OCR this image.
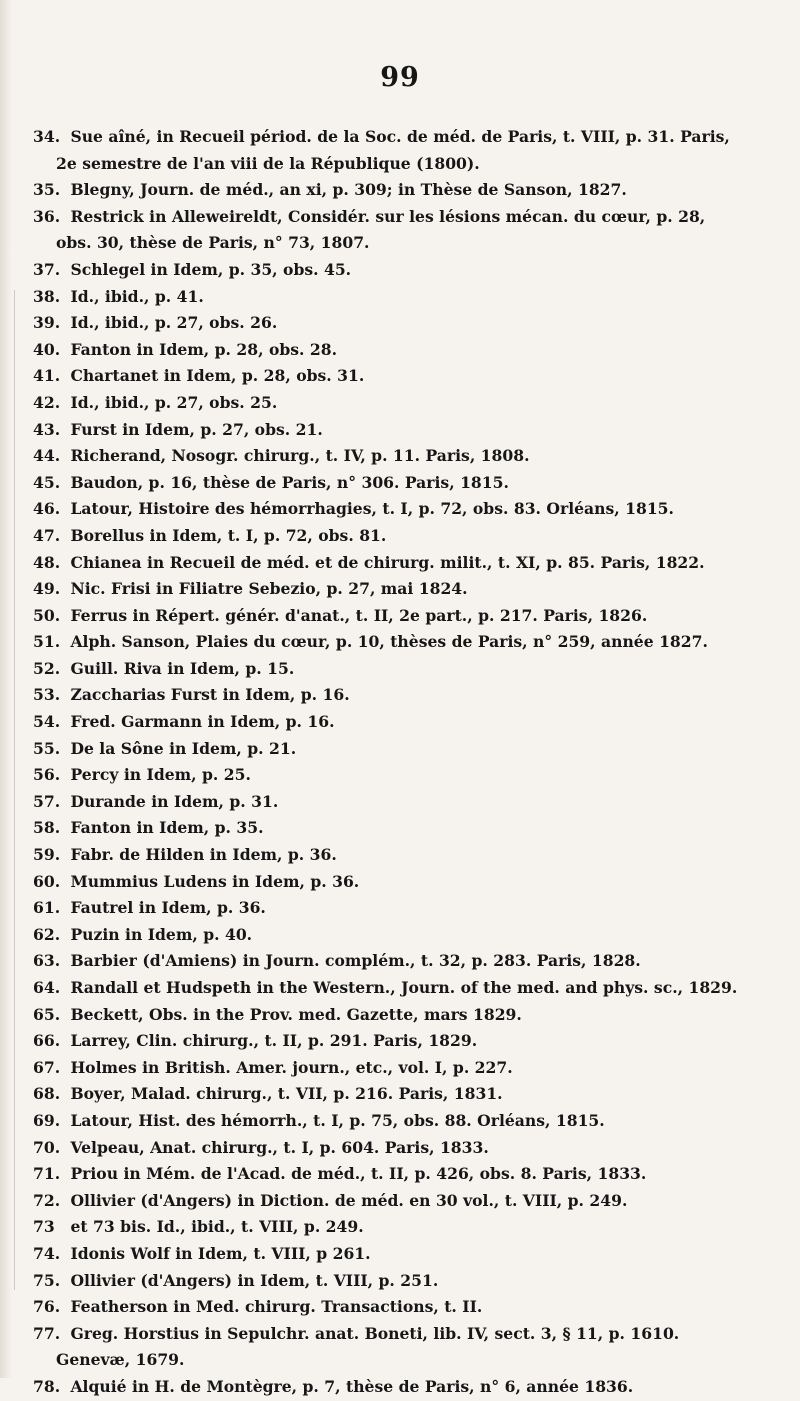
99
34. Sue aîné, in Recueil périod. de la Soc. de méd. de Paris, t. VIII, p. 31. Paris,
2e semestre de l'an viii de la République (1800).
35. Blegny, Journ. de méd., an xi, p. 309; in Thèse de Sanson, 1827.
36. Restrick in Alleweireldt, Considér. sur les lésions mécan. du cœur, p. 28,
obs. 30, thèse de Paris, n° 73, 1807.
37. Schlegel in Idem, p. 35, obs. 45.
38. Id., ibid., p. 41.
39. Id., ibid., p. 27, obs. 26.
40. Fanton in Idem, p. 28, obs. 28.
41. Chartanet in Idem, p. 28, obs. 31.
42. Id., ibid., p. 27, obs. 25.
43. Furst in Idem, p. 27, obs. 21.
44. Richerand, Nosogr. chirurg., t. IV, p. 11. Paris, 1808.
45. Baudon, p. 16, thèse de Paris, n° 306. Paris, 1815.
46. Latour, Histoire des hémorrhagies, t. I, p. 72, obs. 83. Orléans, 1815.
47. Borellus in Idem, t. I, p. 72, obs. 81.
48. Chianea in Recueil de méd. et de chirurg. milit., t. XI, p. 85. Paris, 1822.
49. Nic. Frisi in Filiatre Sebezio, p. 27, mai 1824.
50. Ferrus in Répert. génér. d'anat., t. II, 2e part., p. 217. Paris, 1826.
51. Alph. Sanson, Plaies du cœur, p. 10, thèses de Paris, n° 259, année 1827.
52. Guill. Riva in Idem, p. 15.
53. Zaccharias Furst in Idem, p. 16.
54. Fred. Garmann in Idem, p. 16.
55. De la Sône in Idem, p. 21.
56. Percy in Idem, p. 25.
57. Durande in Idem, p. 31.
58. Fanton in Idem, p. 35.
59. Fabr. de Hilden in Idem, p. 36.
60. Mummius Ludens in Idem, p. 36.
61. Fautrel in Idem, p. 36.
62. Puzin in Idem, p. 40.
63. Barbier (d'Amiens) in Journ. complém., t. 32, p. 283. Paris, 1828.
64. Randall et Hudspeth in the Western., Journ. of the med. and phys. sc., 1829.
65. Beckett, Obs. in the Prov. med. Gazette, mars 1829.
66. Larrey, Clin. chirurg., t. II, p. 291. Paris, 1829.
67. Holmes in British. Amer. journ., etc., vol. I, p. 227.
68. Boyer, Malad. chirurg., t. VII, p. 216. Paris, 1831.
69. Latour, Hist. des hémorrh., t. I, p. 75, obs. 88. Orléans, 1815.
70. Velpeau, Anat. chirurg., t. I, p. 604. Paris, 1833.
71. Priou in Mém. de l'Acad. de méd., t. II, p. 426, obs. 8. Paris, 1833.
72. Ollivier (d'Angers) in Diction. de méd. en 30 vol., t. VIII, p. 249.
73 et 73 bis. Id., ibid., t. VIII, p. 249.
74. Idonis Wolf in Idem, t. VIII, p 261.
75. Ollivier (d'Angers) in Idem, t. VIII, p. 251.
76. Featherson in Med. chirurg. Transactions, t. II.
77. Greg. Horstius in Sepulchr. anat. Boneti, lib. IV, sect. 3, § 11, p. 1610.
Genevæ, 1679.
78. Alquié in H. de Montègre, p. 7, thèse de Paris, n° 6, année 1836.
